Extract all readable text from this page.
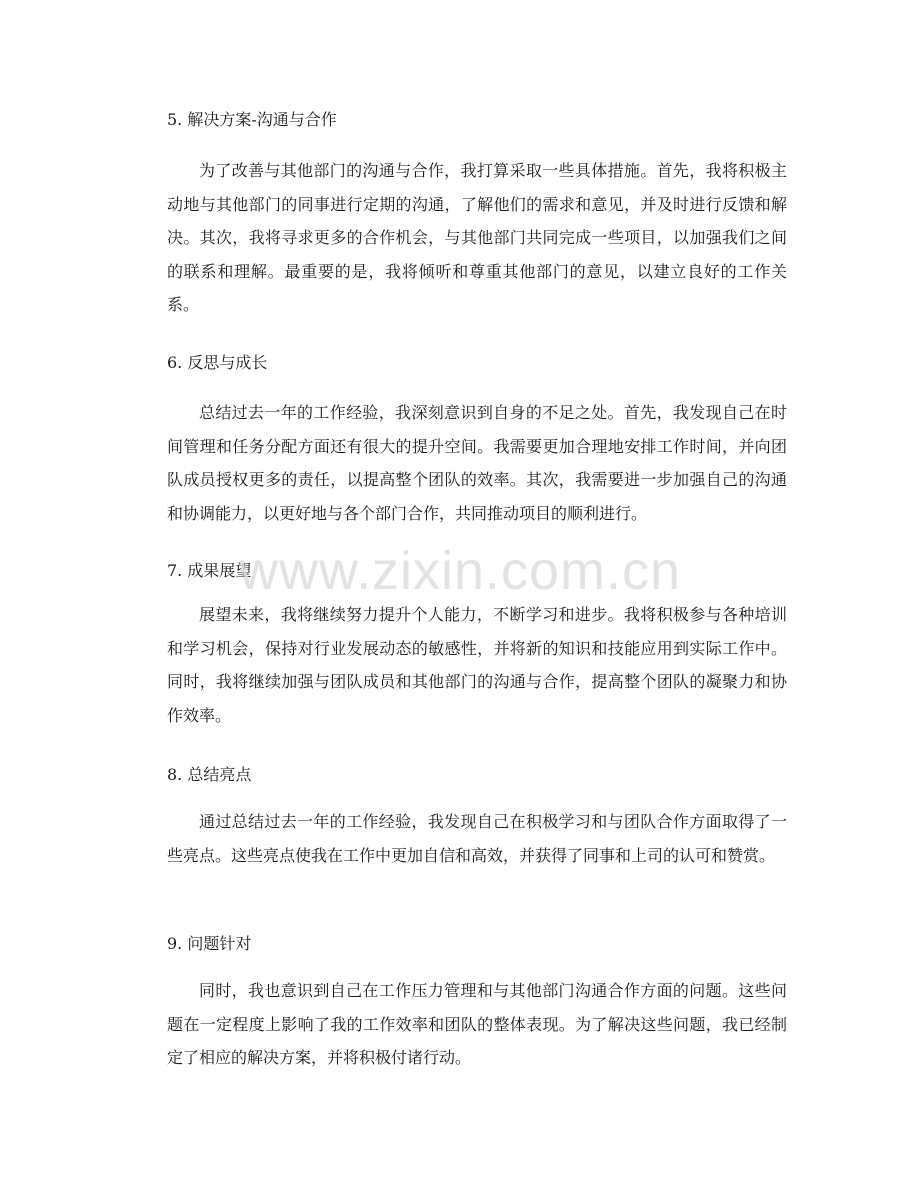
5. 解决方案-沟通与合作
为了改善与其他部门的沟通与合作，我打算采取一些具体措施。首先，我将积极主动地与其他部门的同事进行定期的沟通，了解他们的需求和意见，并及时进行反馈和解决。其次，我将寻求更多的合作机会，与其他部门共同完成一些项目，以加强我们之间的联系和理解。最重要的是，我将倾听和尊重其他部门的意见，以建立良好的工作关系。
6. 反思与成长
总结过去一年的工作经验，我深刻意识到自身的不足之处。首先，我发现自己在时间管理和任务分配方面还有很大的提升空间。我需要更加合理地安排工作时间，并向团队成员授权更多的责任，以提高整个团队的效率。其次，我需要进一步加强自己的沟通和协调能力，以更好地与各个部门合作，共同推动项目的顺利进行。
7. 成果展望
展望未来，我将继续努力提升个人能力，不断学习和进步。我将积极参与各种培训和学习机会，保持对行业发展动态的敏感性，并将新的知识和技能应用到实际工作中。同时，我将继续加强与团队成员和其他部门的沟通与合作，提高整个团队的凝聚力和协作效率。
8. 总结亮点
通过总结过去一年的工作经验，我发现自己在积极学习和与团队合作方面取得了一些亮点。这些亮点使我在工作中更加自信和高效，并获得了同事和上司的认可和赞赏。
9. 问题针对
同时，我也意识到自己在工作压力管理和与其他部门沟通合作方面的问题。这些问题在一定程度上影响了我的工作效率和团队的整体表现。为了解决这些问题，我已经制定了相应的解决方案，并将积极付诸行动。
www.zixin.com.cn
